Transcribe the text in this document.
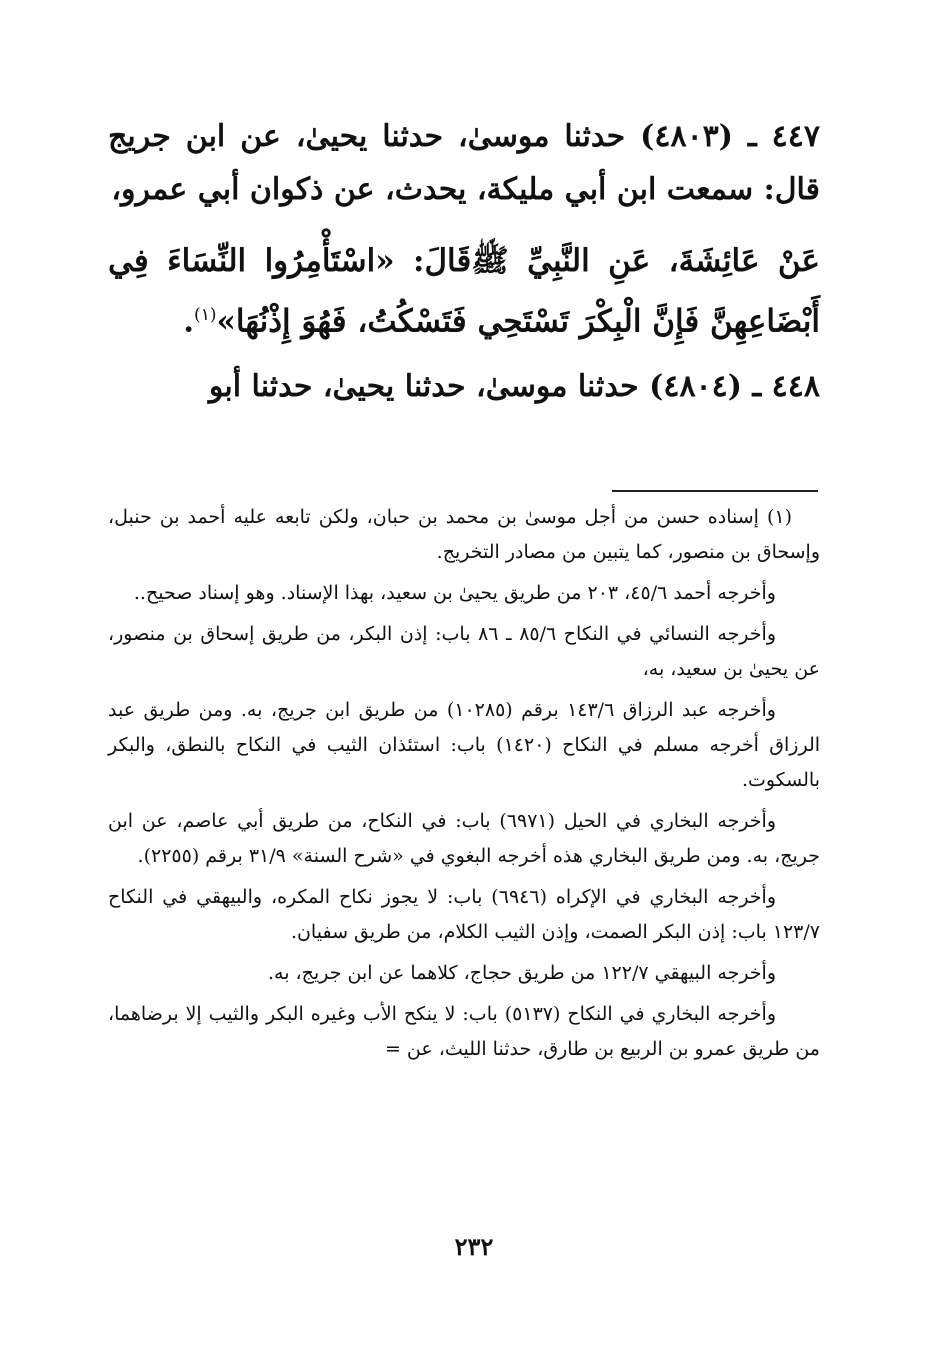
٤٤٧ ـ (٤٨٠٣) حدثنا موسىٰ، حدثنا يحيىٰ، عن ابن جريج قال: سمعت ابن أبي مليكة، يحدث، عن ذكوان أبي عمرو،

عَنْ عَائِشَةَ، عَنِ النَّبِيِّ ﷺقَالَ: «اسْتَأْمِرُوا النِّسَاءَ فِي أَبْضَاعِهِنَّ فَإِنَّ الْبِكْرَ تَسْتَحِي فَتَسْكُتُ، فَهُوَ إِذْنُهَا»$^{(١)}$.

٤٤٨ ـ (٤٨٠٤) حدثنا موسىٰ، حدثنا يحيىٰ، حدثنا أبو

(١) إسناده حسن من أجل موسىٰ بن محمد بن حبان، ولكن تابعه عليه أحمد بن حنبل، وإسحاق بن منصور، كما يتبين من مصادر التخريج.

وأخرجه أحمد ٤٥/٦، ٢٠٣ من طريق يحيىٰ بن سعيد، بهذا الإسناد. وهو إسناد صحيح..

وأخرجه النسائي في النكاح ٨٥/٦ ـ ٨٦ باب: إذن البكر، من طريق إسحاق بن منصور، عن يحيىٰ بن سعيد، به،

وأخرجه عبد الرزاق ١٤٣/٦ برقم (١٠٢٨٥) من طريق ابن جريج، به. ومن طريق عبد الرزاق أخرجه مسلم في النكاح (١٤٢٠) باب: استئذان الثيب في النكاح بالنطق، والبكر بالسكوت.

وأخرجه البخاري في الحيل (٦٩٧١) باب: في النكاح، من طريق أبي عاصم، عن ابن جريج، به. ومن طريق البخاري هذه أخرجه البغوي في «شرح السنة» ٣١/٩ برقم (٢٢٥٥).

وأخرجه البخاري في الإكراه (٦٩٤٦) باب: لا يجوز نكاح المكره، والبيهقي في النكاح ١٢٣/٧ باب: إذن البكر الصمت، وإذن الثيب الكلام، من طريق سفيان.

وأخرجه البيهقي ١٢٢/٧ من طريق حجاج، كلاهما عن ابن جريج، به.

وأخرجه البخاري في النكاح (٥١٣٧) باب: لا ينكح الأب وغيره البكر والثيب إلا برضاهما، من طريق عمرو بن الربيع بن طارق، حدثنا الليث، عن =

٢٣٢
